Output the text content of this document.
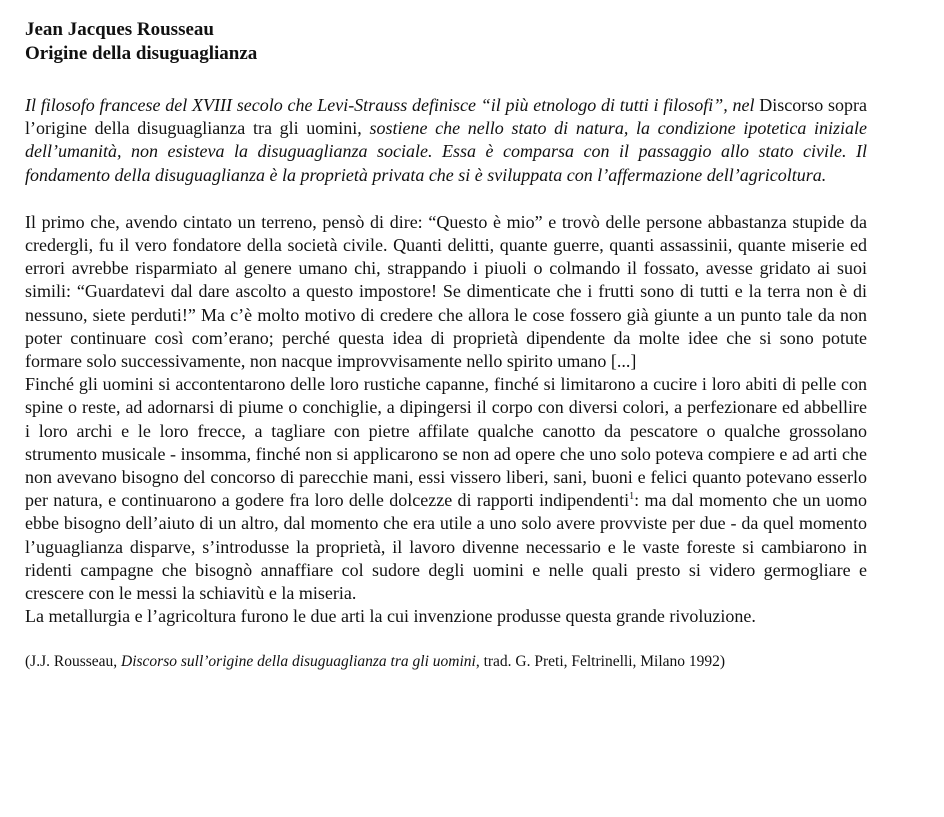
Jean Jacques Rousseau
Origine della disuguaglianza

Il filosofo francese del XVIII secolo che Levi-Strauss definisce “il più etnologo di tutti i filosofi”, nel Discorso sopra l’origine della disuguaglianza tra gli uomini, sostiene che nello stato di natura, la condizione ipotetica iniziale dell’umanità, non esisteva la disuguaglianza sociale. Essa è comparsa con il passaggio allo stato civile. Il fondamento della disuguaglianza è la proprietà privata che si è sviluppata con l’affermazione dell’agricoltura.

Il primo che, avendo cintato un terreno, pensò di dire: “Questo è mio” e trovò delle persone abbastanza stupide da credergli, fu il vero fondatore della società civile. Quanti delitti, quante guerre, quanti assassinii, quante miserie ed errori avrebbe risparmiato al genere umano chi, strappando i piuoli o colmando il fossato, avesse gridato ai suoi simili: “Guardatevi dal dare ascolto a questo impostore! Se dimenticate che i frutti sono di tutti e la terra non è di nessuno, siete perduti!” Ma c’è molto motivo di credere che allora le cose fossero già giunte a un punto tale da non poter continuare così com’erano; perché questa idea di proprietà dipendente da molte idee che si sono potute formare solo successivamente, non nacque improvvisamente nello spirito umano [...]

Finché gli uomini si accontentarono delle loro rustiche capanne, finché si limitarono a cucire i loro abiti di pelle con spine o reste, ad adornarsi di piume o conchiglie, a dipingersi il corpo con diversi colori, a perfezionare ed abbellire i loro archi e le loro frecce, a tagliare con pietre affilate qualche canotto da pescatore o qualche grossolano strumento musicale - insomma, finché non si applicarono se non ad opere che uno solo poteva compiere e ad arti che non avevano bisogno del concorso di parecchie mani, essi vissero liberi, sani, buoni e felici quanto potevano esserlo per natura, e continuarono a godere fra loro delle dolcezze di rapporti indipendenti$^1$: ma dal momento che un uomo ebbe bisogno dell’aiuto di un altro, dal momento che era utile a uno solo avere provviste per due - da quel momento l’uguaglianza disparve, s’introdusse la proprietà, il lavoro divenne necessario e le vaste foreste si cambiarono in ridenti campagne che bisognò annaffiare col sudore degli uomini e nelle quali presto si videro germogliare e crescere con le messi la schiavitù e la miseria.

La metallurgia e l’agricoltura furono le due arti la cui invenzione produsse questa grande rivoluzione.

(J.J. Rousseau, Discorso sull’origine della disuguaglianza tra gli uomini, trad. G. Preti, Feltrinelli, Milano 1992)
